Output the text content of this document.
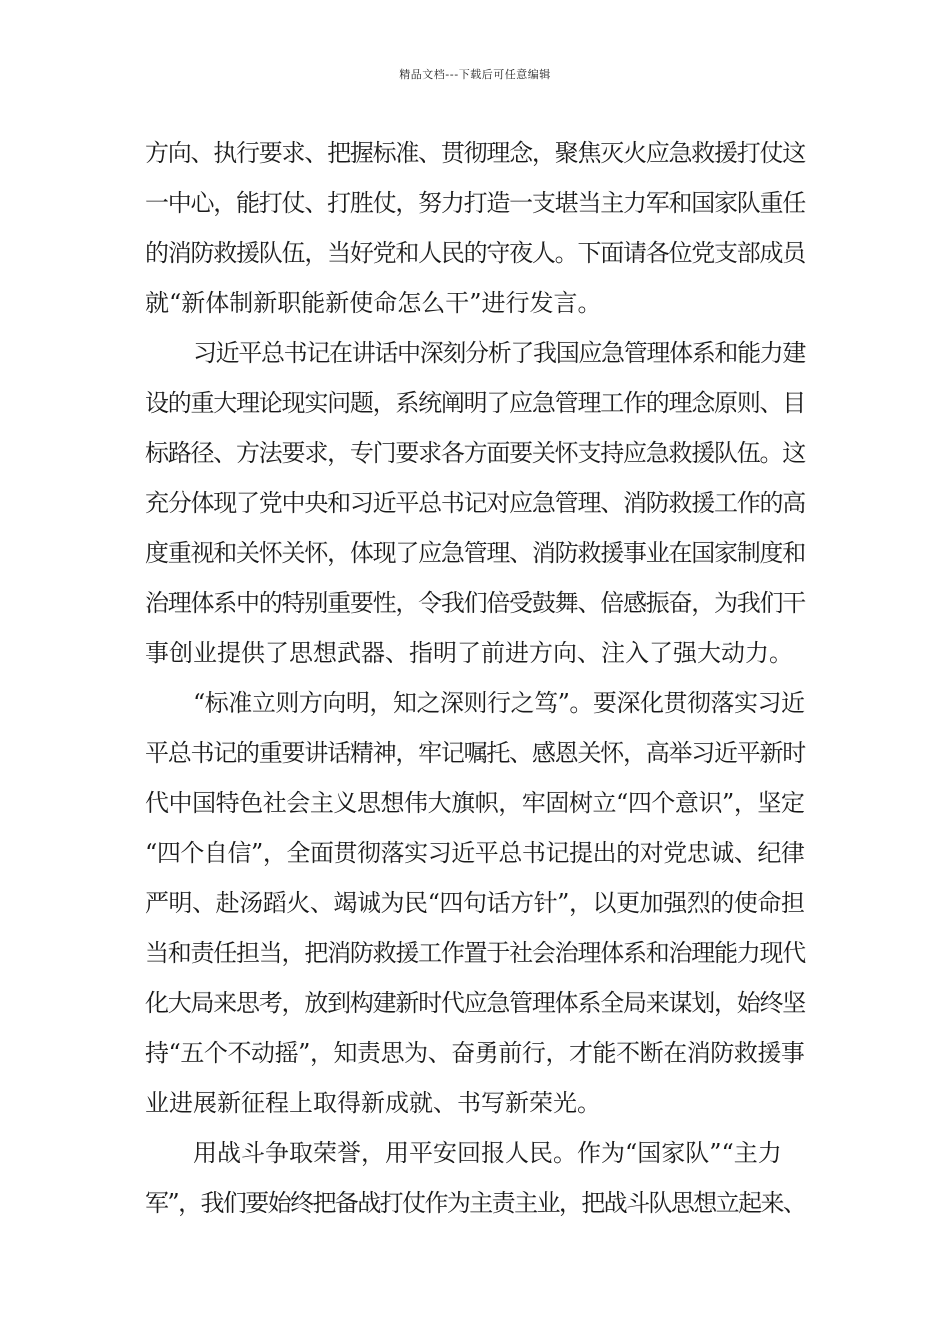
精品文档---下载后可任意编辑
方向、执行要求、把握标准、贯彻理念，聚焦灭火应急救援打仗这
一中心，能打仗、打胜仗，努力打造一支堪当主力军和国家队重任
的消防救援队伍，当好党和人民的守夜人。下面请各位党支部成员
就“新体制新职能新使命怎么干”进行发言。
习近平总书记在讲话中深刻分析了我国应急管理体系和能力建
设的重大理论现实问题，系统阐明了应急管理工作的理念原则、目
标路径、方法要求，专门要求各方面要关怀支持应急救援队伍。这
充分体现了党中央和习近平总书记对应急管理、消防救援工作的高
度重视和关怀关怀，体现了应急管理、消防救援事业在国家制度和
治理体系中的特别重要性，令我们倍受鼓舞、倍感振奋，为我们干
事创业提供了思想武器、指明了前进方向、注入了强大动力。
“标准立则方向明，知之深则行之笃”。要深化贯彻落实习近
平总书记的重要讲话精神，牢记嘱托、感恩关怀，高举习近平新时
代中国特色社会主义思想伟大旗帜，牢固树立“四个意识”，坚定
“四个自信”，全面贯彻落实习近平总书记提出的对党忠诚、纪律
严明、赴汤蹈火、竭诚为民“四句话方针”，以更加强烈的使命担
当和责任担当，把消防救援工作置于社会治理体系和治理能力现代
化大局来思考，放到构建新时代应急管理体系全局来谋划，始终坚
持“五个不动摇”，知责思为、奋勇前行，才能不断在消防救援事
业进展新征程上取得新成就、书写新荣光。
用战斗争取荣誉，用平安回报人民。作为“国家队”“主力
军”，我们要始终把备战打仗作为主责主业，把战斗队思想立起来、
